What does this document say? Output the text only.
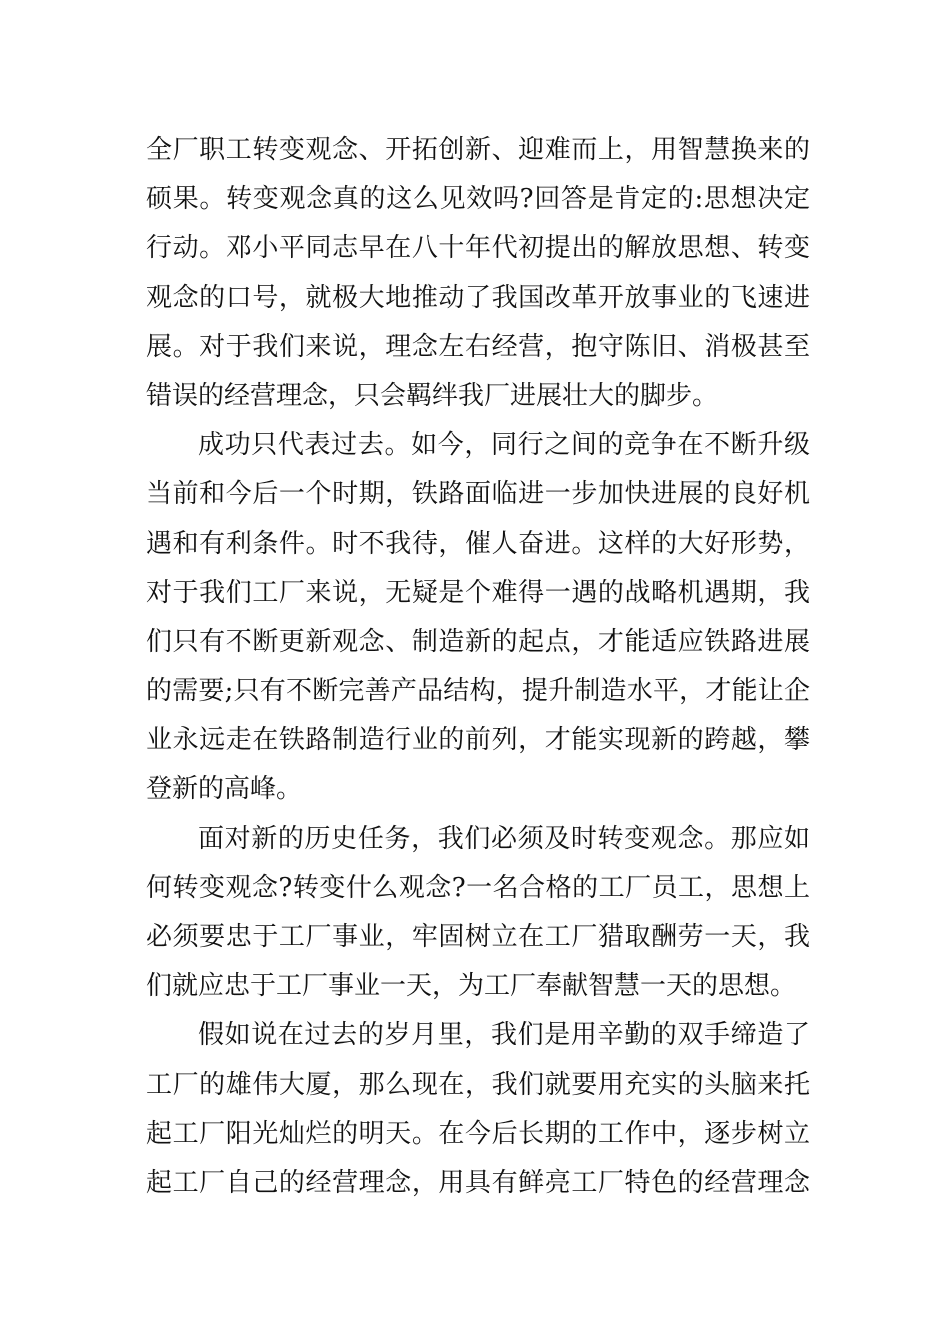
全厂职工转变观念、开拓创新、迎难而上，用智慧换来的
硕果。转变观念真的这么见效吗?回答是肯定的:思想决定
行动。邓小平同志早在八十年代初提出的解放思想、转变
观念的口号，就极大地推动了我国改革开放事业的飞速进
展。对于我们来说，理念左右经营，抱守陈旧、消极甚至
错误的经营理念，只会羁绊我厂进展壮大的脚步。
成功只代表过去。如今，同行之间的竞争在不断升级
当前和今后一个时期，铁路面临进一步加快进展的良好机
遇和有利条件。时不我待，催人奋进。这样的大好形势，
对于我们工厂来说，无疑是个难得一遇的战略机遇期，我
们只有不断更新观念、制造新的起点，才能适应铁路进展
的需要;只有不断完善产品结构，提升制造水平，才能让企
业永远走在铁路制造行业的前列，才能实现新的跨越，攀
登新的高峰。
面对新的历史任务，我们必须及时转变观念。那应如
何转变观念?转变什么观念?一名合格的工厂员工，思想上
必须要忠于工厂事业，牢固树立在工厂猎取酬劳一天，我
们就应忠于工厂事业一天，为工厂奉献智慧一天的思想。
假如说在过去的岁月里，我们是用辛勤的双手缔造了
工厂的雄伟大厦，那么现在，我们就要用充实的头脑来托
起工厂阳光灿烂的明天。在今后长期的工作中，逐步树立
起工厂自己的经营理念，用具有鲜亮工厂特色的经营理念
